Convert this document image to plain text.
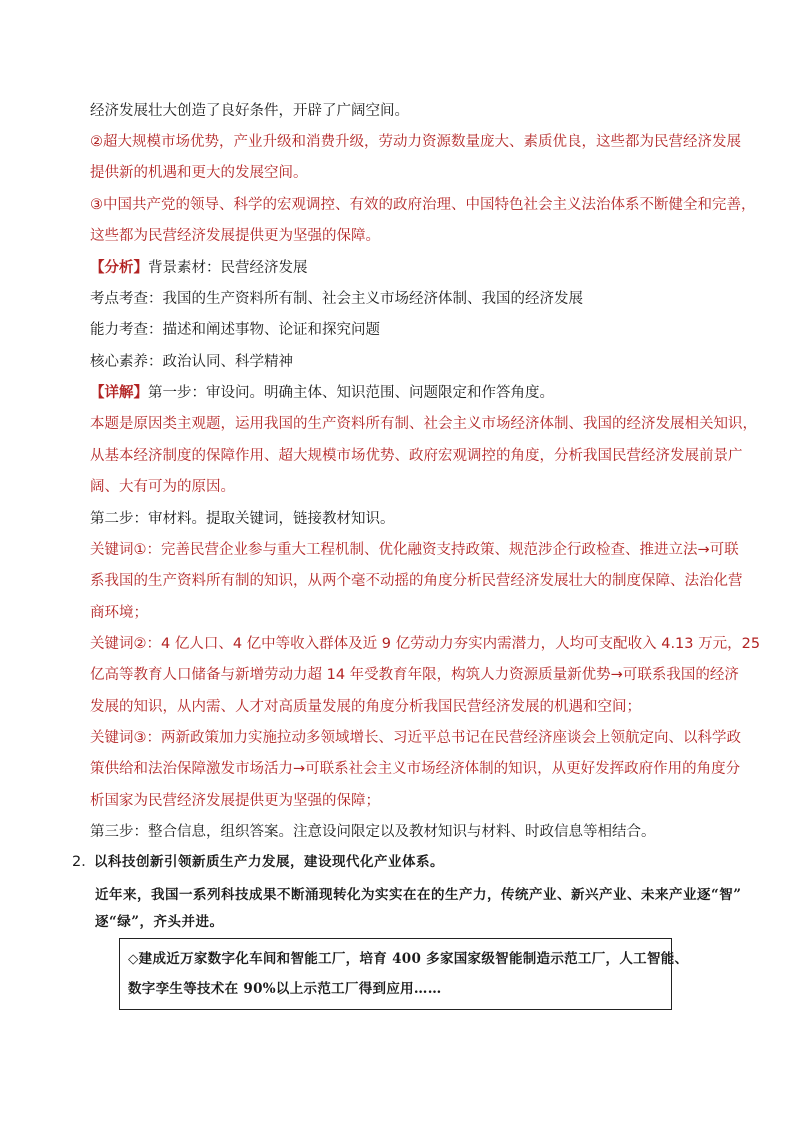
经济发展壮大创造了良好条件，开辟了广阔空间。
②超大规模市场优势，产业升级和消费升级，劳动力资源数量庞大、素质优良，这些都为民营经济发展
提供新的机遇和更大的发展空间。
③中国共产党的领导、科学的宏观调控、有效的政府治理、中国特色社会主义法治体系不断健全和完善，
这些都为民营经济发展提供更为坚强的保障。
【分析】背景素材：民营经济发展
考点考查：我国的生产资料所有制、社会主义市场经济体制、我国的经济发展
能力考查：描述和阐述事物、论证和探究问题
核心素养：政治认同、科学精神
【详解】第一步：审设问。明确主体、知识范围、问题限定和作答角度。
本题是原因类主观题，运用我国的生产资料所有制、社会主义市场经济体制、我国的经济发展相关知识，
从基本经济制度的保障作用、超大规模市场优势、政府宏观调控的角度，分析我国民营经济发展前景广
阔、大有可为的原因。
第二步：审材料。提取关键词，链接教材知识。
关键词①：完善民营企业参与重大工程机制、优化融资支持政策、规范涉企行政检查、推进立法→可联
系我国的生产资料所有制的知识，从两个毫不动摇的角度分析民营经济发展壮大的制度保障、法治化营
商环境；
关键词②：4 亿人口、4 亿中等收入群体及近 9 亿劳动力夯实内需潜力，人均可支配收入 4.13 万元，25
亿高等教育人口储备与新增劳动力超 14 年受教育年限，构筑人力资源质量新优势→可联系我国的经济
发展的知识，从内需、人才对高质量发展的角度分析我国民营经济发展的机遇和空间；
关键词③：两新政策加力实施拉动多领域增长、习近平总书记在民营经济座谈会上领航定向、以科学政
策供给和法治保障激发市场活力→可联系社会主义市场经济体制的知识，从更好发挥政府作用的角度分
析国家为民营经济发展提供更为坚强的保障；
第三步：整合信息，组织答案。注意设问限定以及教材知识与材料、时政信息等相结合。
2．
以科技创新引领新质生产力发展，建设现代化产业体系。
近年来，我国一系列科技成果不断涌现转化为实实在在的生产力，传统产业、新兴产业、未来产业逐“智”
逐“绿”，齐头并进。
◇建成近万家数字化车间和智能工厂，培育 400 多家国家级智能制造示范工厂，人工智能、
数字孪生等技术在 90%以上示范工厂得到应用……
